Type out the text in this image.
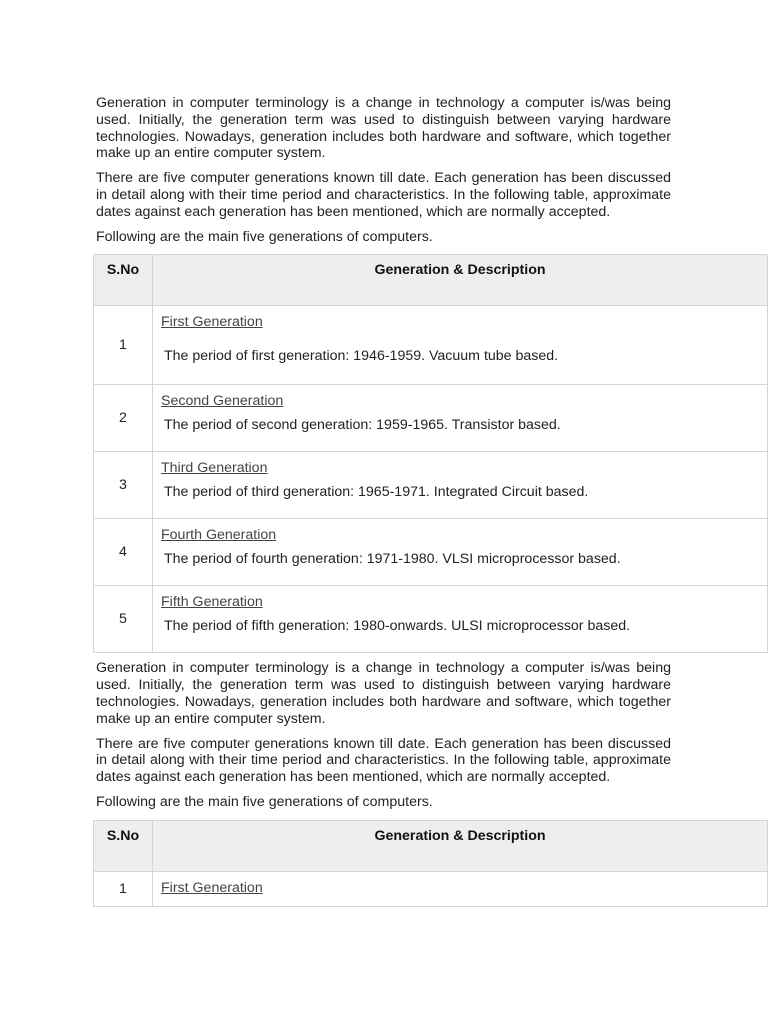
Generation in computer terminology is a change in technology a computer is/was being used. Initially, the generation term was used to distinguish between varying hardware technologies. Nowadays, generation includes both hardware and software, which together make up an entire computer system.

There are five computer generations known till date. Each generation has been discussed in detail along with their time period and characteristics. In the following table, approximate dates against each generation has been mentioned, which are normally accepted.

Following are the main five generations of computers.

S.No	Generation & Description
1	First Generation
The period of first generation: 1946-1959. Vacuum tube based.

2	Second Generation
The period of second generation: 1959-1965. Transistor based.

3	Third Generation
The period of third generation: 1965-1971. Integrated Circuit based.

4	Fourth Generation
The period of fourth generation: 1971-1980. VLSI microprocessor based.

5	Fifth Generation
The period of fifth generation: 1980-onwards. ULSI microprocessor based.

Generation in computer terminology is a change in technology a computer is/was being used. Initially, the generation term was used to distinguish between varying hardware technologies. Nowadays, generation includes both hardware and software, which together make up an entire computer system.

There are five computer generations known till date. Each generation has been discussed in detail along with their time period and characteristics. In the following table, approximate dates against each generation has been mentioned, which are normally accepted.

Following are the main five generations of computers.

S.No	Generation & Description
1	First Generation
